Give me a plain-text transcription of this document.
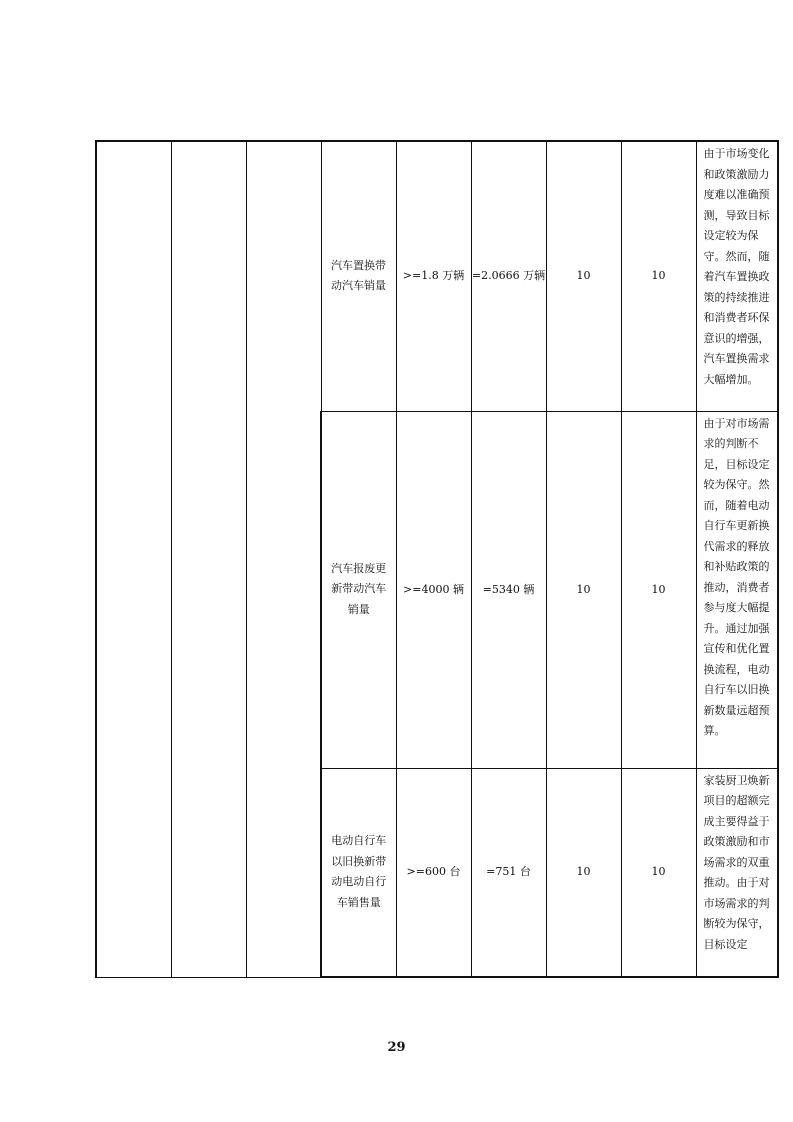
			汽车置换带动汽车销量	>=1.8 万辆	=2.0666 万辆	10	10	由于市场变化和政策激励力度难以准确预测，导致目标设定较为保守。然而，随着汽车置换政策的持续推进和消费者环保意识的增强，汽车置换需求大幅增加。
			汽车报废更新带动汽车销量	>=4000 辆	=5340 辆	10	10	由于对市场需求的判断不足，目标设定较为保守。然而，随着电动自行车更新换代需求的释放和补贴政策的推动，消费者参与度大幅提升。通过加强宣传和优化置换流程，电动自行车以旧换新数量远超预算。
			电动自行车以旧换新带动电动自行车销售量	>=600 台	=751 台	10	10	家装厨卫焕新项目的超额完成主要得益于政策激励和市场需求的双重推动。由于对市场需求的判断较为保守，目标设定
29
